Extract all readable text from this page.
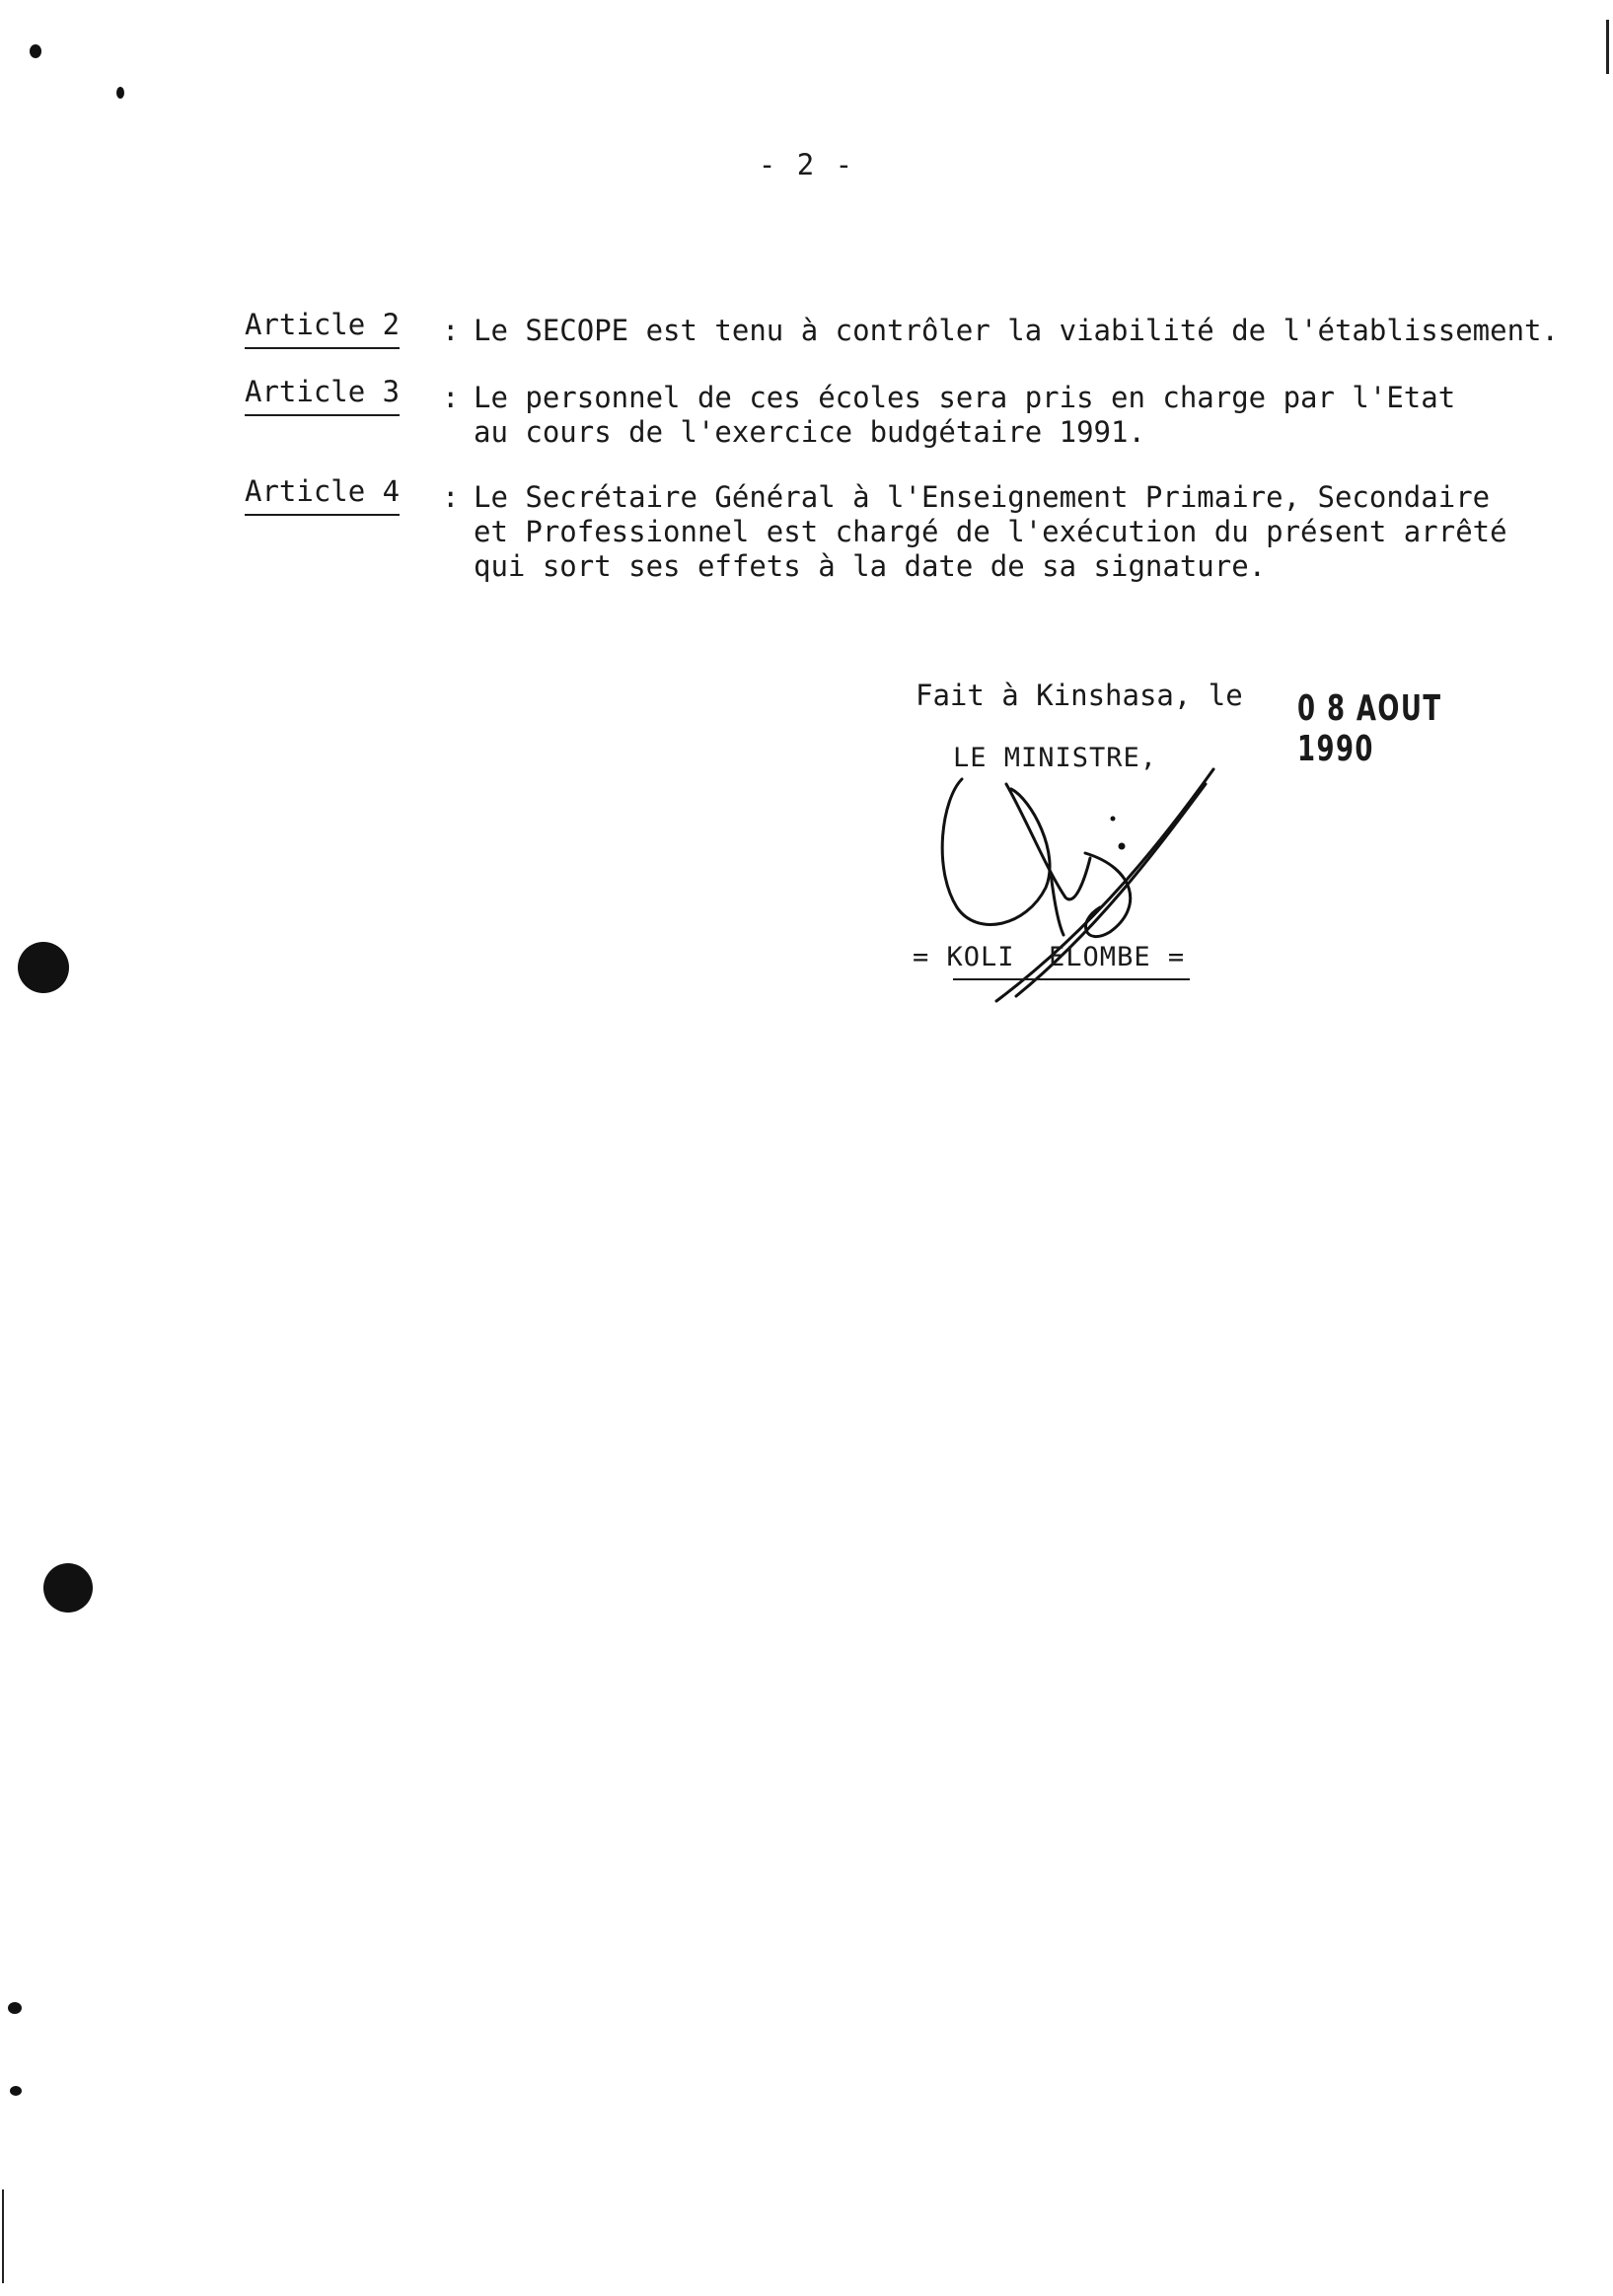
- 2 -
Article 2 : Le SECOPE est tenu à contrôler la viabilité de l'établissement.
Article 3 : Le personnel de ces écoles sera pris en charge par l'Etat
au cours de l'exercice budgétaire 1991.
Article 4 : Le Secrétaire Général à l'Enseignement Primaire, Secondaire
et Professionnel est chargé de l'exécution du présent arrêté
qui sort ses effets à la date de sa signature.
Fait à Kinshasa, le 0 8 AOUT 1990
LE MINISTRE,
= KOLI  ELOMBE =
